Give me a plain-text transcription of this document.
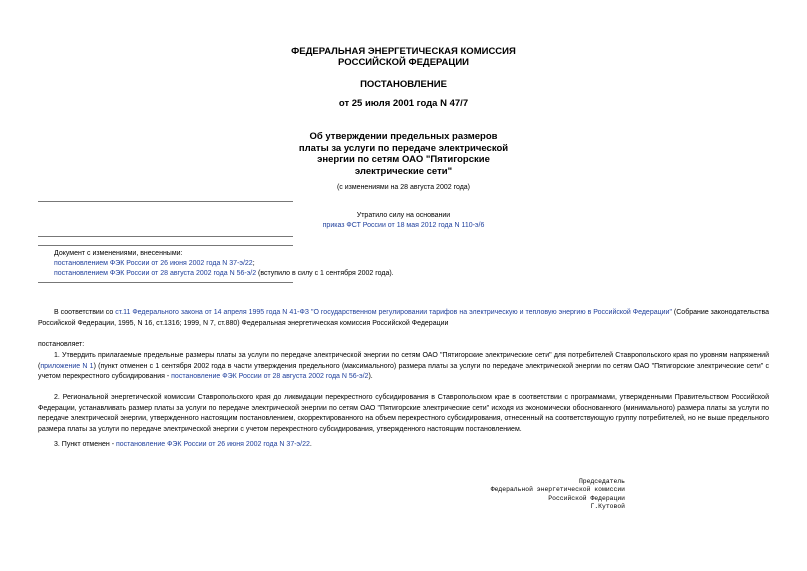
ФЕДЕРАЛЬНАЯ ЭНЕРГЕТИЧЕСКАЯ КОМИССИЯ
РОССИЙСКОЙ ФЕДЕРАЦИИ
ПОСТАНОВЛЕНИЕ
от 25 июля 2001 года N 47/7
Об утверждении предельных размеров
платы за услуги по передаче электрической
энергии по сетям ОАО "Пятигорские
электрические сети"
(с изменениями на 28 августа 2002 года)
Утратило силу на основании
приказ ФСТ России от 18 мая 2012 года N 110-э/6
Документ с изменениями, внесенными:
постановлением ФЭК России от 26 июня 2002 года N 37-э/22;
постановлением ФЭК России от 28 августа 2002 года N 56-э/2 (вступило в силу с 1 сентября 2002 года).
В соответствии со ст.11 Федерального закона от 14 апреля 1995 года N 41-ФЗ "О государственном регулировании тарифов на электрическую и тепловую энергию в Российской Федерации" (Собрание законодательства Российской Федерации, 1995, N 16, ст.1316; 1999, N 7, ст.880) Федеральная энергетическая комиссия Российской Федерации
постановляет:
1. Утвердить прилагаемые предельные размеры платы за услуги по передаче электрической энергии по сетям ОАО "Пятигорские электрические сети" для потребителей Ставропольского края по уровням напряжений (приложение N 1) (пункт отменен с 1 сентября 2002 года в части утверждения предельного (максимального) размера платы за услуги по передаче электрической энергии по сетям ОАО "Пятигорские электрические сети" с учетом перекрестного субсидирования - постановление ФЭК России от 28 августа 2002 года N 56-э/2).
2. Региональной энергетической комиссии Ставропольского края до ликвидации перекрестного субсидирования в Ставропольском крае в соответствии с программами, утвержденными Правительством Российской Федерации, устанавливать размер платы за услуги по передаче электрической энергии по сетям ОАО "Пятигорские электрические сети" исходя из экономически обоснованного (минимального) размера платы за услуги по передаче электрической энергии, утвержденного настоящим постановлением, скорректированного на объем перекрестного субсидирования, отнесенный на соответствующую группу потребителей, но не выше предельного размера платы за услуги по передаче электрической энергии с учетом перекрестного субсидирования, утвержденного настоящим постановлением.
3. Пункт отменен - постановление ФЭК России от 26 июня 2002 года N 37-э/22.
Председатель
Федеральной энергетической комиссии
Российской Федерации
Г.Кутовой
